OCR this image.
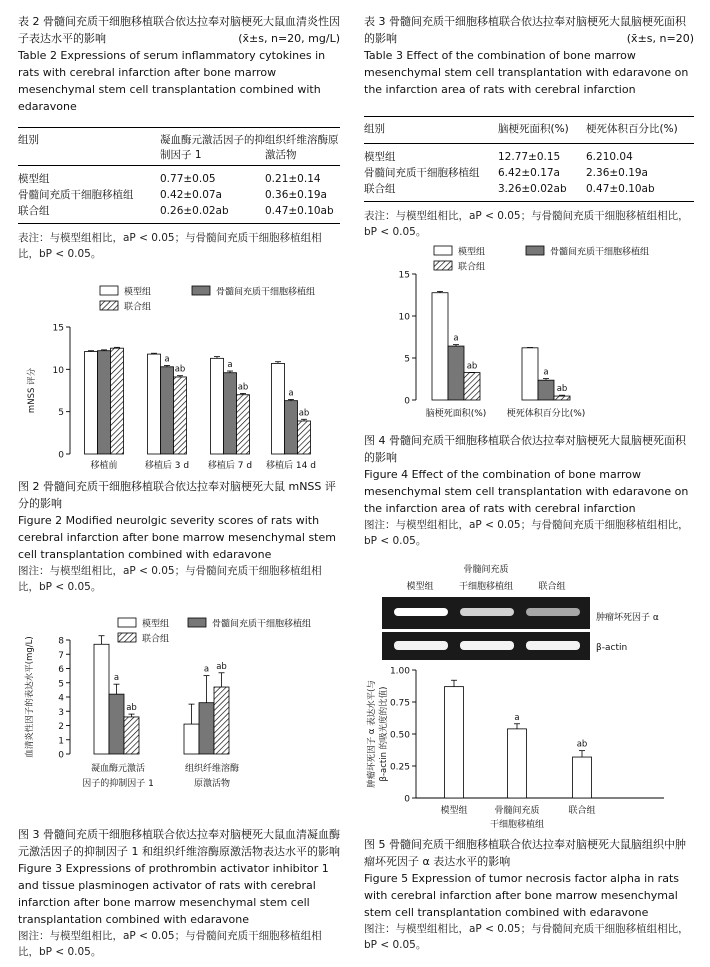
表 2 骨髓间充质干细胞移植联合依达拉奉对脑梗死大鼠血清炎性因子表达水平的影响	(x̄±s, n=20, mg/L)

Table 2 Expressions of serum inflammatory cytokines in rats with cerebral infarction after bone marrow mesenchymal stem cell transplantation combined with edaravone

组别	凝血酶元激活因子的抑制因子 1	组织纤维溶酶原激活物
模型组	0.77±0.05	0.21±0.14
骨髓间充质干细胞移植组	0.42±0.07a	0.36±0.19a
联合组	0.26±0.02ab	0.47±0.10ab

表注：与模型组相比，aP < 0.05；与骨髓间充质干细胞移植组相比，bP < 0.05。

模型组	骨髓间充质干细胞移植组
联合组
0
5
10
15
mNSS 评分
移植前
a
ab
移植后 3 d
a
ab
移植后 7 d
a
ab
移植后 14 d

图 2 骨髓间充质干细胞移植联合依达拉奉对脑梗死大鼠 mNSS 评分的影响

Figure 2 Modified neurolgic severity scores of rats with cerebral infarction after bone marrow mesenchymal stem cell transplantation combined with edaravone

图注：与模型组相比，aP < 0.05；与骨髓间充质干细胞移植组相比，bP < 0.05。

模型组	骨髓间充质干细胞移植组
联合组
0
1
2
3
4
5
6
7
8
血清炎性因子的表达水平(mg/L)	a
ab
a ab
凝血酶元激活
因子的抑制因子 1
组织纤维溶酶
原激活物

图 3 骨髓间充质干细胞移植联合依达拉奉对脑梗死大鼠血清凝血酶元激活因子的抑制因子 1 和组织纤维溶酶原激活物表达水平的影响

Figure 3 Expressions of prothrombin activator inhibitor 1 and tissue plasminogen activator of rats with cerebral infarction after bone marrow mesenchymal stem cell transplantation combined with edaravone

图注：与模型组相比，aP < 0.05；与骨髓间充质干细胞移植组相比，bP < 0.05。

表 3 骨髓间充质干细胞移植联合依达拉奉对脑梗死大鼠脑梗死面积的影响	(x̄±s, n=20)

Table 3 Effect of the combination of bone marrow mesenchymal stem cell transplantation with edaravone on the infarction area of rats with cerebral infarction

组别	脑梗死面积(%)	梗死体积百分比(%)
模型组	12.77±0.15	6.210.04
骨髓间充质干细胞移植组	6.42±0.17a	2.36±0.19a
联合组	3.26±0.02ab	0.47±0.10ab

表注：与模型组相比，aP < 0.05；与骨髓间充质干细胞移植组相比，bP < 0.05。

模型组	骨髓间充质干细胞移植组
联合组
0
5
10
15
a
ab
脑梗死面积(%)
a
ab
梗死体积百分比(%)

图 4 骨髓间充质干细胞移植联合依达拉奉对脑梗死大鼠脑梗死面积的影响

Figure 4 Effect of the combination of bone marrow mesenchymal stem cell transplantation with edaravone on the infarction area of rats with cerebral infarction

图注：与模型组相比，aP < 0.05；与骨髓间充质干细胞移植组相比，bP < 0.05。

模型组
骨髓间充质
干细胞移植组	联合组
肿瘤坏死因子 α
β-actin
0
0.25
0.50
0.75
1.00
肿瘤坏死因子 α 表达水平(与 β-actin 的吸光度的比值)	a
ab
模型组	骨髓间充质
干细胞移植组
联合组

图 5 骨髓间充质干细胞移植联合依达拉奉对脑梗死大鼠脑组织中肿瘤坏死因子 α 表达水平的影响

Figure 5 Expression of tumor necrosis factor alpha in rats with cerebral infarction after bone marrow mesenchymal stem cell transplantation combined with edaravone

图注：与模型组相比，aP < 0.05；与骨髓间充质干细胞移植组相比，bP < 0.05。
